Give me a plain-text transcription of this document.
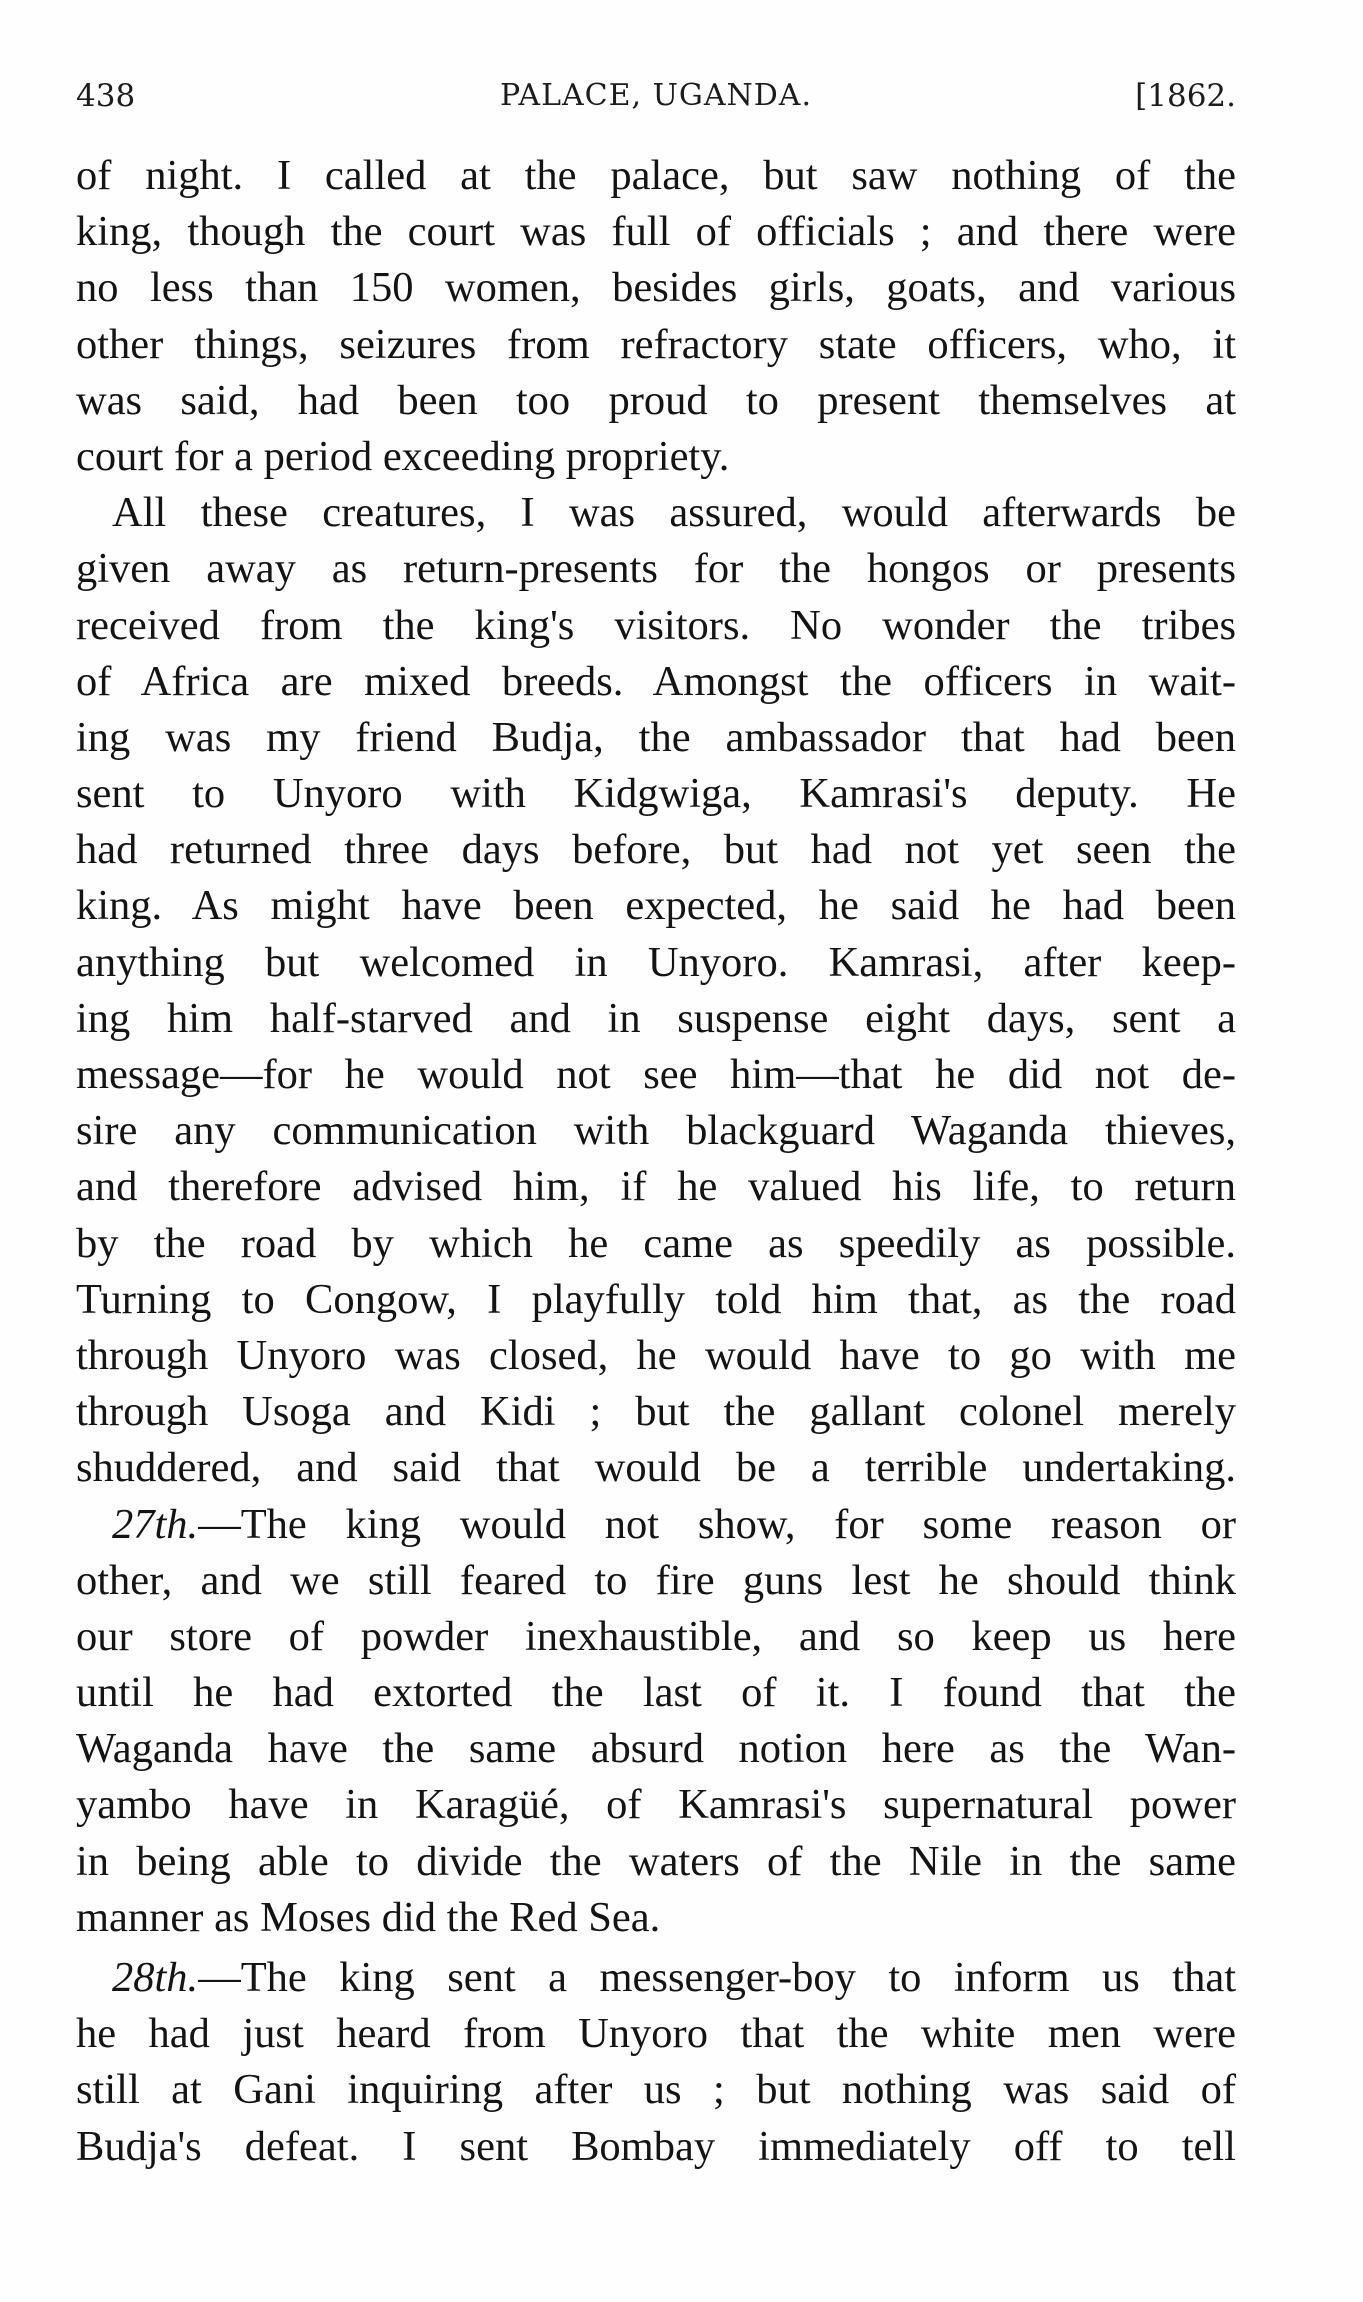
438	PALACE, UGANDA.	[1862.
of night. I called at the palace, but saw nothing of the
king, though the court was full of officials ; and there were
no less than 150 women, besides girls, goats, and various
other things, seizures from refractory state officers, who, it
was said, had been too proud to present themselves at
court for a period exceeding propriety.
All these creatures, I was assured, would afterwards be
given away as return-presents for the hongos or presents
received from the king's visitors. No wonder the tribes
of Africa are mixed breeds. Amongst the officers in wait-
ing was my friend Budja, the ambassador that had been
sent to Unyoro with Kidgwiga, Kamrasi's deputy. He
had returned three days before, but had not yet seen the
king. As might have been expected, he said he had been
anything but welcomed in Unyoro. Kamrasi, after keep-
ing him half-starved and in suspense eight days, sent a
message—for he would not see him—that he did not de-
sire any communication with blackguard Waganda thieves,
and therefore advised him, if he valued his life, to return
by the road by which he came as speedily as possible.
Turning to Congow, I playfully told him that, as the road
through Unyoro was closed, he would have to go with me
through Usoga and Kidi ; but the gallant colonel merely
shuddered, and said that would be a terrible undertaking.
27th.—The king would not show, for some reason or
other, and we still feared to fire guns lest he should think
our store of powder inexhaustible, and so keep us here
until he had extorted the last of it. I found that the
Waganda have the same absurd notion here as the Wan-
yambo have in Karagüé, of Kamrasi's supernatural power
in being able to divide the waters of the Nile in the same
manner as Moses did the Red Sea.
28th.—The king sent a messenger-boy to inform us that
he had just heard from Unyoro that the white men were
still at Gani inquiring after us ; but nothing was said of
Budja's defeat. I sent Bombay immediately off to tell
